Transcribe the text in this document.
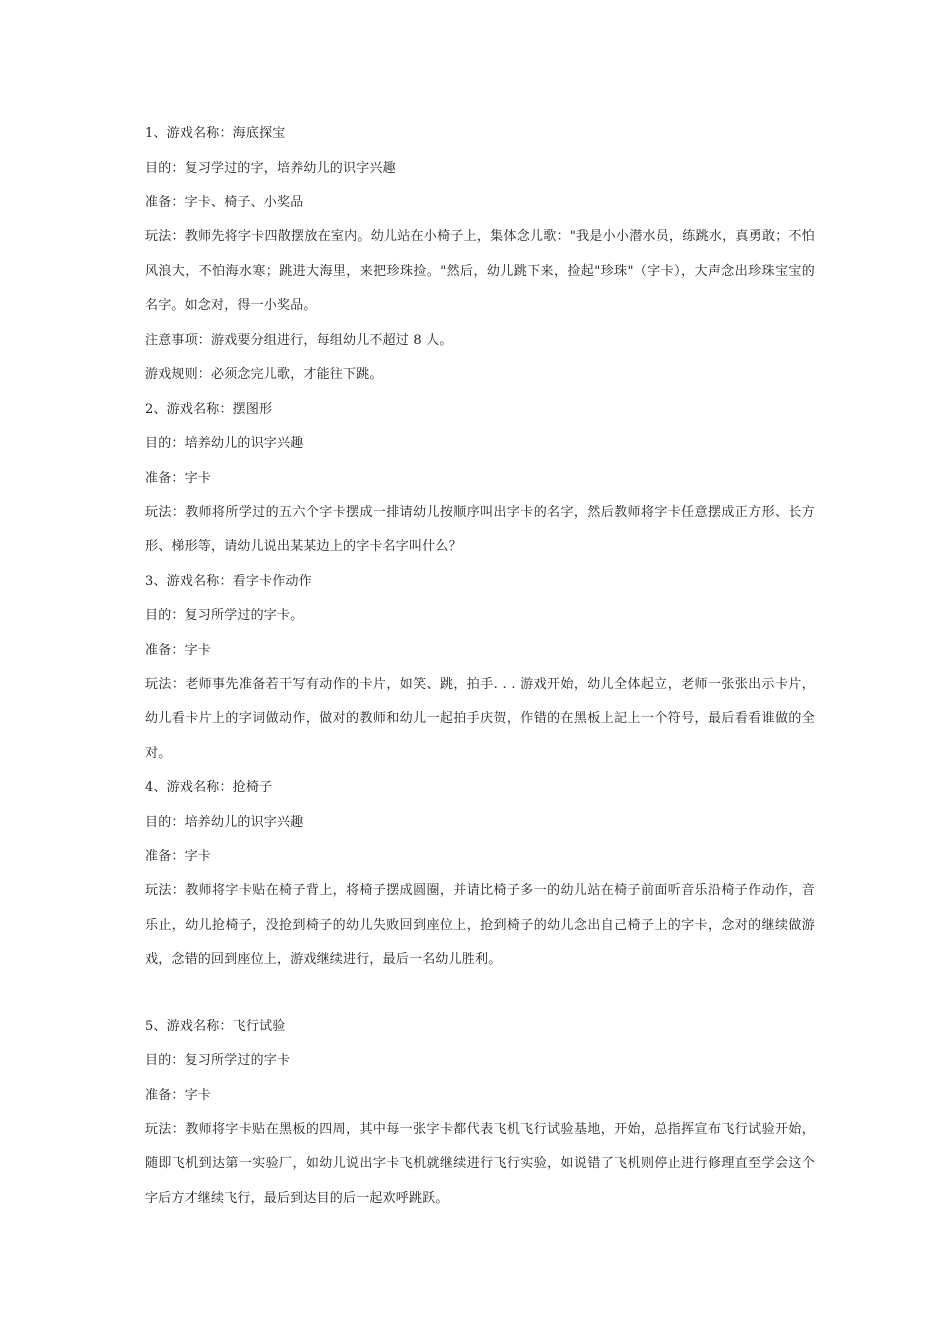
1、游戏名称：海底探宝

目的：复习学过的字，培养幼儿的识字兴趣

准备：字卡、椅子、小奖品

玩法：教师先将字卡四散摆放在室内。幼儿站在小椅子上，集体念儿歌："我是小小潜水员，练跳水，真勇敢；不怕风浪大，不怕海水寒；跳进大海里，来把珍珠捡。"然后，幼儿跳下来，捡起"珍珠"（字卡），大声念出珍珠宝宝的名字。如念对，得一小奖品。

注意事项：游戏要分组进行，每组幼儿不超过 8 人。

游戏规则：必须念完儿歌，才能往下跳。

2、游戏名称：摆图形

目的：培养幼儿的识字兴趣

准备：字卡

玩法：教师将所学过的五六个字卡摆成一排请幼儿按顺序叫出字卡的名字，然后教师将字卡任意摆成正方形、长方形、梯形等，请幼儿说出某某边上的字卡名字叫什么？

3、游戏名称：看字卡作动作

目的：复习所学过的字卡。

准备：字卡

玩法：老师事先准备若干写有动作的卡片，如笑、跳，拍手. . . 游戏开始，幼儿全体起立，老师一张张出示卡片，幼儿看卡片上的字词做动作，做对的教师和幼儿一起拍手庆贺，作错的在黑板上記上一个符号，最后看看谁做的全对。

4、游戏名称：抢椅子

目的：培养幼儿的识字兴趣

准备：字卡

玩法：教师将字卡贴在椅子背上，将椅子摆成圆圈，并请比椅子多一的幼儿站在椅子前面听音乐沿椅子作动作，音乐止，幼儿抢椅子，没抢到椅子的幼儿失败回到座位上，抢到椅子的幼儿念出自己椅子上的字卡，念对的继续做游戏，念错的回到座位上，游戏继续进行，最后一名幼儿胜利。

5、游戏名称：飞行试验

目的：复习所学过的字卡

准备：字卡

玩法：教师将字卡贴在黑板的四周，其中每一张字卡都代表飞机飞行试验基地，开始，总指挥宣布飞行试验开始，随即飞机到达第一实验厂，如幼儿说出字卡飞机就继续进行飞行实验，如说错了飞机则停止进行修理直至学会这个字后方才继续飞行，最后到达目的后一起欢呼跳跃。
